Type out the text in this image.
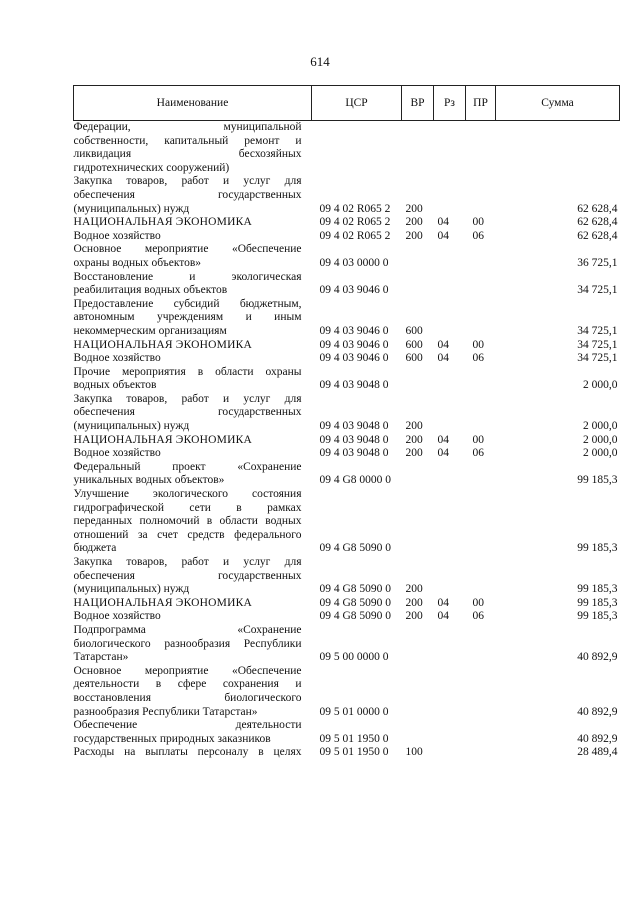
614
Наименование	ЦСР	ВР	Рз	ПР	Сумма

Федерации, муниципальной
собственности, капитальный ремонт и
ликвидация бесхозяйных
гидротехнических сооружений)					

Закупка товаров, работ и услуг для
обеспечения государственных
(муниципальных) нужд	09 4 02 R065 2	200			62 628,4

НАЦИОНАЛЬНАЯ ЭКОНОМИКА	09 4 02 R065 2	200	04	00	62 628,4

Водное хозяйство	09 4 02 R065 2	200	04	06	62 628,4

Основное мероприятие «Обеспечение
охраны водных объектов»	09 4 03 0000 0				36 725,1

Восстановление и экологическая
реабилитация водных объектов	09 4 03 9046 0				34 725,1

Предоставление субсидий бюджетным,
автономным учреждениям и иным
некоммерческим организациям	09 4 03 9046 0	600			34 725,1

НАЦИОНАЛЬНАЯ ЭКОНОМИКА	09 4 03 9046 0	600	04	00	34 725,1

Водное хозяйство	09 4 03 9046 0	600	04	06	34 725,1

Прочие мероприятия в области охраны
водных объектов	09 4 03 9048 0				2 000,0

Закупка товаров, работ и услуг для
обеспечения государственных
(муниципальных) нужд	09 4 03 9048 0	200			2 000,0

НАЦИОНАЛЬНАЯ ЭКОНОМИКА	09 4 03 9048 0	200	04	00	2 000,0

Водное хозяйство	09 4 03 9048 0	200	04	06	2 000,0

Федеральный проект «Сохранение
уникальных водных объектов»	09 4 G8 0000 0				99 185,3

Улучшение экологического состояния
гидрографической сети в рамках
переданных полномочий в области водных
отношений за счет средств федерального
бюджета	09 4 G8 5090 0				99 185,3

Закупка товаров, работ и услуг для
обеспечения государственных
(муниципальных) нужд	09 4 G8 5090 0	200			99 185,3

НАЦИОНАЛЬНАЯ ЭКОНОМИКА	09 4 G8 5090 0	200	04	00	99 185,3

Водное хозяйство	09 4 G8 5090 0	200	04	06	99 185,3

Подпрограмма «Сохранение
биологического разнообразия Республики
Татарстан»	09 5 00 0000 0				40 892,9

Основное мероприятие «Обеспечение
деятельности в сфере сохранения и
восстановления биологического
разнообразия Республики Татарстан»	09 5 01 0000 0				40 892,9

Обеспечение деятельности
государственных природных заказников	09 5 01 1950 0				40 892,9

Расходы на выплаты персоналу в целях	09 5 01 1950 0	100			28 489,4
